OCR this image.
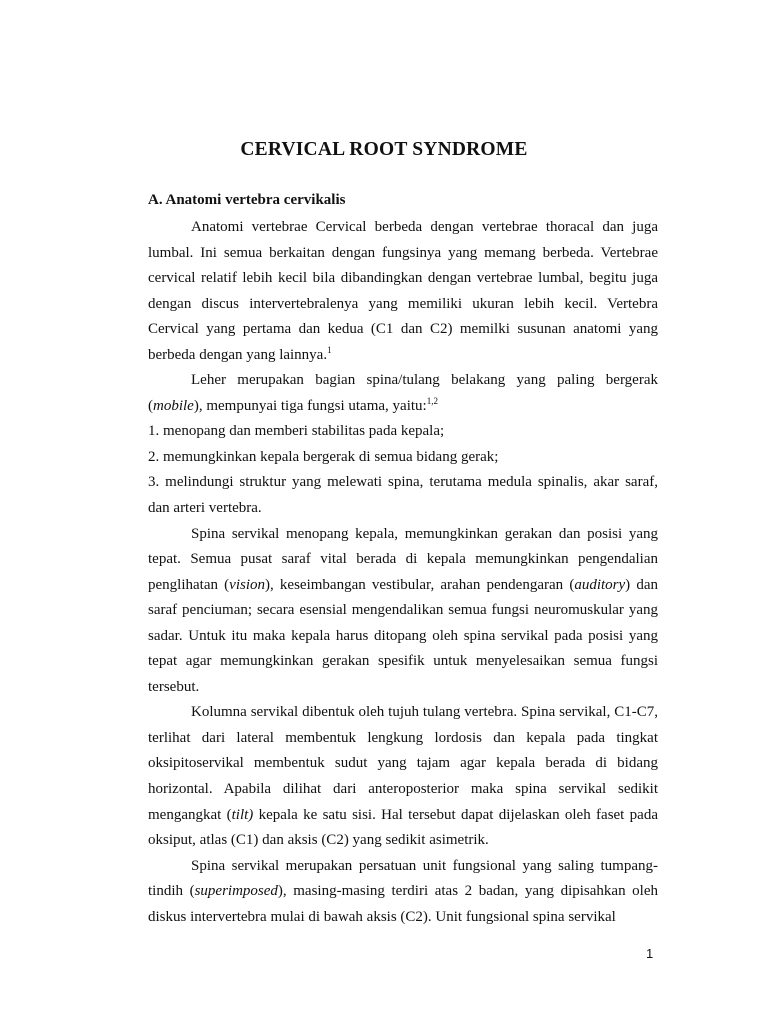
CERVICAL ROOT SYNDROME
A. Anatomi vertebra cervikalis

Anatomi vertebrae Cervical berbeda dengan vertebrae thoracal dan juga lumbal. Ini semua berkaitan dengan fungsinya yang memang berbeda. Vertebrae cervical relatif lebih kecil bila dibandingkan dengan vertebrae lumbal, begitu juga dengan discus intervertebralenya yang memiliki ukuran lebih kecil. Vertebra Cervical yang pertama dan kedua (C1 dan C2) memilki susunan anatomi yang berbeda dengan yang lainnya.$^1$

Leher merupakan bagian spina/tulang belakang yang paling bergerak (mobile), mempunyai tiga fungsi utama, yaitu:$^{1,2}$

1. menopang dan memberi stabilitas pada kepala;

2. memungkinkan kepala bergerak di semua bidang gerak;

3. melindungi struktur yang melewati spina, terutama medula spinalis, akar saraf, dan arteri vertebra.

Spina servikal menopang kepala, memungkinkan gerakan dan posisi yang tepat. Semua pusat saraf vital berada di kepala memungkinkan pengendalian penglihatan (vision), keseimbangan vestibular, arahan pendengaran (auditory) dan saraf penciuman; secara esensial mengendalikan semua fungsi neuromuskular yang sadar. Untuk itu maka kepala harus ditopang oleh spina servikal pada posisi yang tepat agar memungkinkan gerakan spesifik untuk menyelesaikan semua fungsi tersebut.

Kolumna servikal dibentuk oleh tujuh tulang vertebra. Spina servikal, C1-C7, terlihat dari lateral membentuk lengkung lordosis dan kepala pada tingkat oksipitoservikal membentuk sudut yang tajam agar kepala berada di bidang horizontal. Apabila dilihat dari anteroposterior maka spina servikal sedikit mengangkat (tilt) kepala ke satu sisi. Hal tersebut dapat dijelaskan oleh faset pada oksiput, atlas (C1) dan aksis (C2) yang sedikit asimetrik.

Spina servikal merupakan persatuan unit fungsional yang saling tumpang-tindih (superimposed), masing-masing terdiri atas 2 badan, yang dipisahkan oleh diskus intervertebra mulai di bawah aksis (C2). Unit fungsional spina servikal

1
